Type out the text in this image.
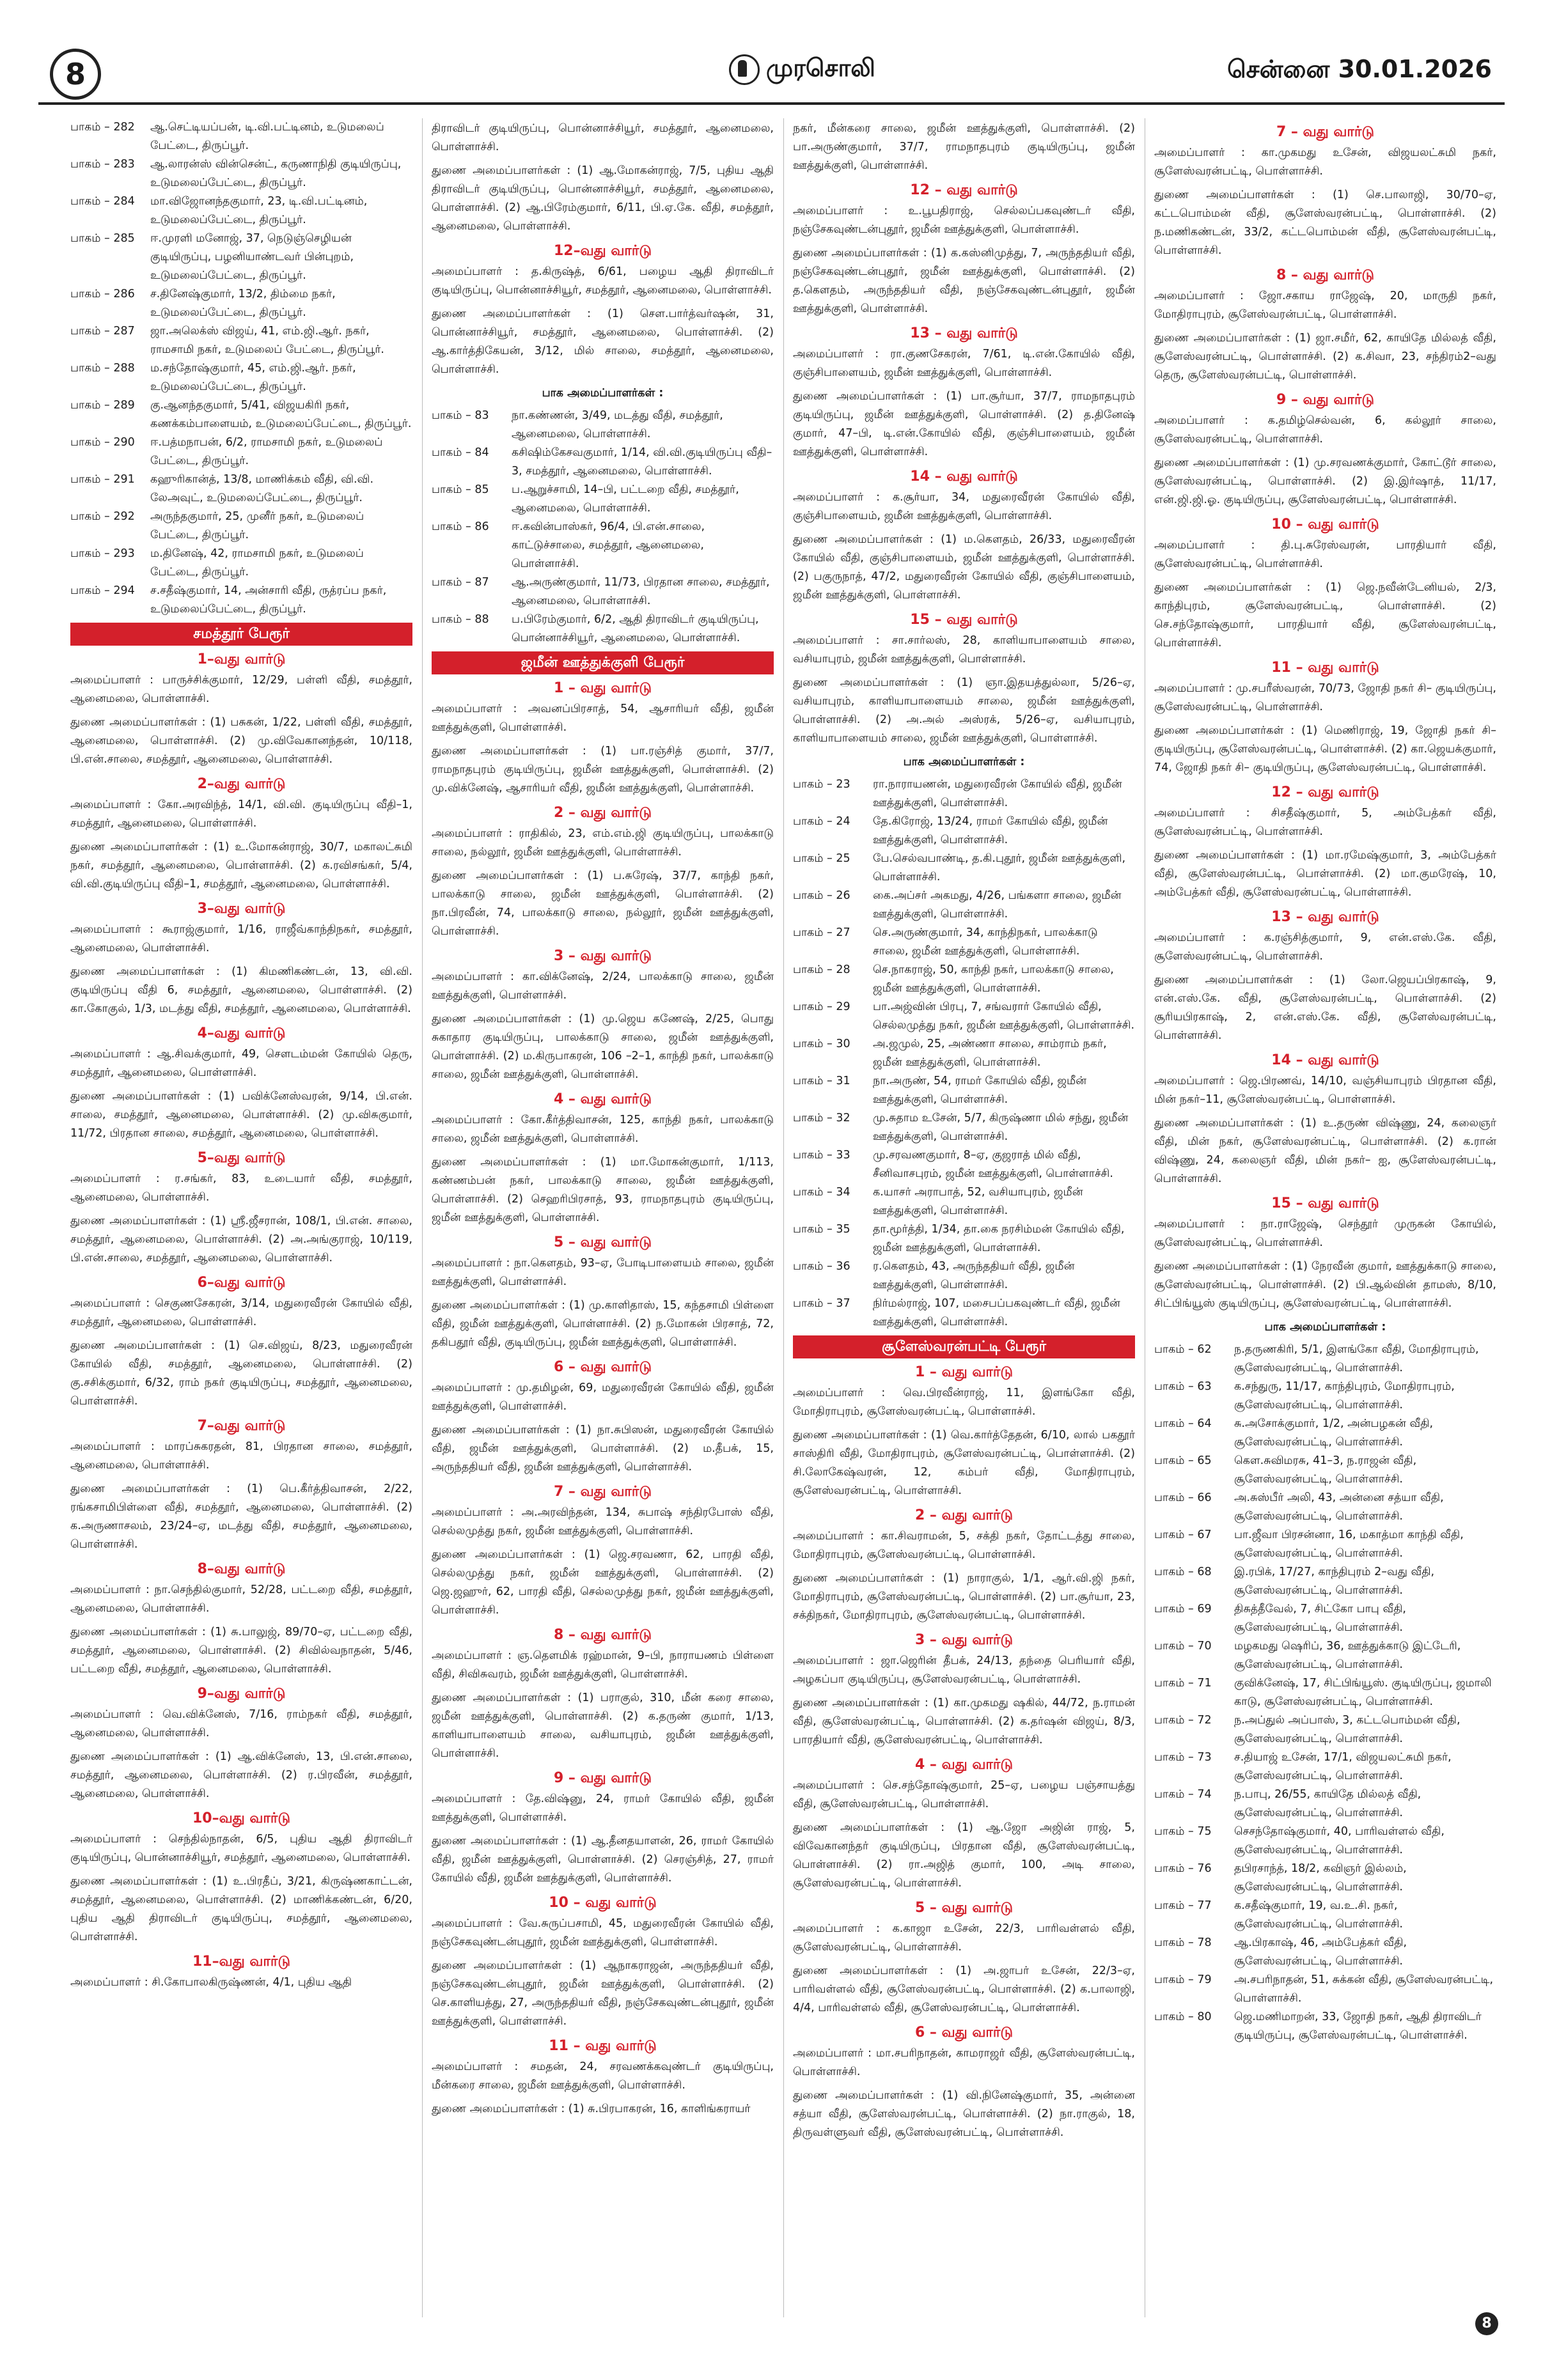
8	முரசொலி	சென்னை 30.01.2026
பாகம் – 282	ஆ.செட்டியப்பன், டி.வி.பட்டினம், உடுமலைப் பேட்டை, திருப்பூர்.
பாகம் – 283	ஆ.லாரன்ஸ் வின்சென்ட், கருணாநிதி குடியிருப்பு, உடுமலைப்பேட்டை, திருப்பூர்.
பாகம் – 284	மா.விஜோனந்தகுமார், 23, டி.வி.பட்டினம், உடுமலைப்பேட்டை, திருப்பூர்.
பாகம் – 285	ஈ.முரளி மனோஜ், 37, நெடுஞ்செழியன் குடியிருப்பு, பழனியாண்டவர் பின்புறம், உடுமலைப்பேட்டை, திருப்பூர்.
பாகம் – 286	ச.தினேஷ்குமார், 13/2, திம்மை நகர், உடுமலைப்பேட்டை, திருப்பூர்.
பாகம் – 287	ஜா.அலெக்ஸ் விஜய், 41, எம்.ஜி.ஆர். நகர், ராமசாமி நகர், உடுமலைப் பேட்டை, திருப்பூர்.
பாகம் – 288	ம.சந்தோஷ்குமார், 45, எம்.ஜி.ஆர். நகர், உடுமலைப்பேட்டை, திருப்பூர்.
பாகம் – 289	கு.ஆனந்தகுமார், 5/41, விஜயகிரி நகர், கணக்கம்பாளையம், உடுமலைப்பேட்டை, திருப்பூர்.
பாகம் – 290	ஈ.பத்மநாபன், 6/2, ராமசாமி நகர், உடுமலைப் பேட்டை, திருப்பூர்.
பாகம் – 291	கஹுரிகான்த், 13/8, மாணிக்கம் வீதி, வி.வி. லேஅவுட், உடுமலைப்பேட்டை, திருப்பூர்.
பாகம் – 292	அருந்தகுமார், 25, முனீர் நகர், உடுமலைப் பேட்டை, திருப்பூர்.
பாகம் – 293	ம.தினேஷ், 42, ராமசாமி நகர், உடுமலைப் பேட்டை, திருப்பூர்.
பாகம் – 294	ச.சதீஷ்குமார், 14, அன்சாரி வீதி, ருத்ரப்ப நகர், உடுமலைப்பேட்டை, திருப்பூர்.
சமத்தூர் பேரூர்
1–வது வார்டு
அமைப்பாளர் : பாருச்சிக்குமார், 12/29, பள்ளி வீதி, சமத்தூர், ஆனைமலை, பொள்ளாச்சி.
துணை அமைப்பாளர்கள் : (1) பசுகன், 1/22, பள்ளி வீதி, சமத்தூர், ஆனைமலை, பொள்ளாச்சி. (2) மு.விவேகானந்தன், 10/118, பி.என்.சாலை, சமத்தூர், ஆனைமலை, பொள்ளாச்சி.
2–வது வார்டு
அமைப்பாளர் : கோ.அரவிந்த், 14/1, வி.வி. குடியிருப்பு வீதி–1, சமத்தூர், ஆனைமலை, பொள்ளாச்சி.
துணை அமைப்பாளர்கள் : (1) உ.மோகன்ராஜ், 30/7, மகாலட்சுமி நகர், சமத்தூர், ஆனைமலை, பொள்ளாச்சி. (2) க.ரவிசங்கர், 5/4, வி.வி.குடியிருப்பு வீதி–1, சமத்தூர், ஆனைமலை, பொள்ளாச்சி.
3–வது வார்டு
அமைப்பாளர் : கூராஜ்குமார், 1/16, ராஜீவ்காந்திநகர், சமத்தூர், ஆனைமலை, பொள்ளாச்சி.
துணை அமைப்பாளர்கள் : (1) கிமணிகண்டன், 13, வி.வி. குடியிருப்பு வீதி 6, சமத்தூர், ஆனைமலை, பொள்ளாச்சி. (2) கா.கோகுல், 1/3, மடத்து வீதி, சமத்தூர், ஆனைமலை, பொள்ளாச்சி.
4–வது வார்டு
அமைப்பாளர் : ஆ.சிவக்குமார், 49, சௌடம்மன் கோயில் தெரு, சமத்தூர், ஆனைமலை, பொள்ளாச்சி.
துணை அமைப்பாளர்கள் : (1) பவிக்னேஸ்வரன், 9/14, பி.என். சாலை, சமத்தூர், ஆனைமலை, பொள்ளாச்சி. (2) மு.விசுகுமார், 11/72, பிரதான சாலை, சமத்தூர், ஆனைமலை, பொள்ளாச்சி.
5–வது வார்டு
அமைப்பாளர் : ர.சங்கர், 83, உடையார் வீதி, சமத்தூர், ஆனைமலை, பொள்ளாச்சி.
துணை அமைப்பாளர்கள் : (1) ஸ்ரீ.ஜீசரான், 108/1, பி.என். சாலை, சமத்தூர், ஆனைமலை, பொள்ளாச்சி. (2) அ.அங்குராஜ், 10/119, பி.என்.சாலை, சமத்தூர், ஆனைமலை, பொள்ளாச்சி.
6–வது வார்டு
அமைப்பாளர் : செகுணசேகரன், 3/14, மதுரைவீரன் கோயில் வீதி, சமத்தூர், ஆனைமலை, பொள்ளாச்சி.
துணை அமைப்பாளர்கள் : (1) செ.விஜய், 8/23, மதுரைவீரன் கோயில் வீதி, சமத்தூர், ஆனைமலை, பொள்ளாச்சி. (2) கு.சசிக்குமார், 6/32, ராம் நகர் குடியிருப்பு, சமத்தூர், ஆனைமலை, பொள்ளாச்சி.
7–வது வார்டு
அமைப்பாளர் : மாரப்சுகரதன், 81, பிரதான சாலை, சமத்தூர், ஆனைமலை, பொள்ளாச்சி.
துணை அமைப்பாளர்கள் : (1) பெ.கீர்த்திவாசன், 2/22, ரங்கசாமிபிள்ளை வீதி, சமத்தூர், ஆனைமலை, பொள்ளாச்சி. (2) க.அருணாசலம், 23/24–ஏ, மடத்து வீதி, சமத்தூர், ஆனைமலை, பொள்ளாச்சி.
8–வது வார்டு
அமைப்பாளர் : நா.செந்தில்குமார், 52/28, பட்டறை வீதி, சமத்தூர், ஆனைமலை, பொள்ளாச்சி.
துணை அமைப்பாளர்கள் : (1) சு.பாலுஜ், 89/70–ஏ, பட்டறை வீதி, சமத்தூர், ஆனைமலை, பொள்ளாச்சி. (2) சிவில்வநாதன், 5/46, பட்டறை வீதி, சமத்தூர், ஆனைமலை, பொள்ளாச்சி.
9–வது வார்டு
அமைப்பாளர் : வெ.விக்னேஸ், 7/16, ராம்நகர் வீதி, சமத்தூர், ஆனைமலை, பொள்ளாச்சி.
துணை அமைப்பாளர்கள் : (1) ஆ.விக்னேஸ், 13, பி.என்.சாலை, சமத்தூர், ஆனைமலை, பொள்ளாச்சி. (2) ர.பிரவீன், சமத்தூர், ஆனைமலை, பொள்ளாச்சி.
10–வது வார்டு
அமைப்பாளர் : செந்தில்நாதன், 6/5, புதிய ஆதி திராவிடர் குடியிருப்பு, பொன்னாச்சியூர், சமத்தூர், ஆனைமலை, பொள்ளாச்சி.
துணை அமைப்பாளர்கள் : (1) உ.பிரதீப், 3/21, கிருஷ்ணகாட்டன், சமத்தூர், ஆனைமலை, பொள்ளாச்சி. (2) மாணிக்கண்டன், 6/20, புதிய ஆதி திராவிடர் குடியிருப்பு, சமத்தூர், ஆனைமலை, பொள்ளாச்சி.
11–வது வார்டு
அமைப்பாளர் : சி.கோபாலகிருஷ்ணன், 4/1, புதிய ஆதி
திராவிடர் குடியிருப்பு, பொன்னாச்சியூர், சமத்தூர், ஆனைமலை, பொள்ளாச்சி.
துணை அமைப்பாளர்கள் : (1) ஆ.மோகன்ராஜ், 7/5, புதிய ஆதி திராவிடர் குடியிருப்பு, பொன்னாச்சியூர், சமத்தூர், ஆனைமலை, பொள்ளாச்சி. (2) ஆ.பிரேம்குமார், 6/11, பி.ஏ.கே. வீதி, சமத்தூர், ஆனைமலை, பொள்ளாச்சி.
12–வது வார்டு
அமைப்பாளர் : த.கிருஷ்த், 6/61, பழைய ஆதி திராவிடர் குடியிருப்பு, பொன்னாச்சியூர், சமத்தூர், ஆனைமலை, பொள்ளாச்சி.
துணை அமைப்பாளர்கள் : (1) செள.பார்த்வர்ஷன், 31, பொன்னாச்சியூர், சமத்தூர், ஆனைமலை, பொள்ளாச்சி. (2) ஆ.கார்த்திகேயன், 3/12, மில் சாலை, சமத்தூர், ஆனைமலை, பொள்ளாச்சி.
பாக அமைப்பாளர்கள் :
பாகம் – 83	நா.கண்ணன், 3/49, மடத்து வீதி, சமத்தூர், ஆனைமலை, பொள்ளாச்சி.
பாகம் – 84	கசிஷிம்கேசவகுமார், 1/14, வி.வி.குடியிருப்பு வீதி–3, சமத்தூர், ஆனைமலை, பொள்ளாச்சி.
பாகம் – 85	ப.ஆறுச்சாமி, 14–பி, பட்டறை வீதி, சமத்தூர், ஆனைமலை, பொள்ளாச்சி.
பாகம் – 86	ஈ.கவின்பாஸ்கர், 96/4, பி.என்.சாலை, காட்டுச்சாலை, சமத்தூர், ஆனைமலை, பொள்ளாச்சி.
பாகம் – 87	ஆ.அருண்குமார், 11/73, பிரதான சாலை, சமத்தூர், ஆனைமலை, பொள்ளாச்சி.
பாகம் – 88	ப.பிரேம்குமார், 6/2, ஆதி திராவிடர் குடியிருப்பு, பொன்னாச்சியூர், ஆனைமலை, பொள்ளாச்சி.
ஜமீன் ஊத்துக்குளி பேரூர்
1 – வது வார்டு
அமைப்பாளர் : அவனப்பிரசாத், 54, ஆசாரியர் வீதி, ஜமீன் ஊத்துக்குளி, பொள்ளாச்சி.
துணை அமைப்பாளர்கள் : (1) பா.ரஞ்சித் குமார், 37/7, ராமநாதபுரம் குடியிருப்பு, ஜமீன் ஊத்துக்குளி, பொள்ளாச்சி. (2) மு.விக்னேஷ், ஆசாரியர் வீதி, ஜமீன் ஊத்துக்குளி, பொள்ளாச்சி.
2 – வது வார்டு
அமைப்பாளர் : ராதிகில், 23, எம்.எம்.ஜி குடியிருப்பு, பாலக்காடு சாலை, நல்லூர், ஜமீன் ஊத்துக்குளி, பொள்ளாச்சி.
துணை அமைப்பாளர்கள் : (1) ப.சுரேஷ், 37/7, காந்தி நகர், பாலக்காடு சாலை, ஜமீன் ஊத்துக்குளி, பொள்ளாச்சி. (2) நா.பிரவீன், 74, பாலக்காடு சாலை, நல்லூர், ஜமீன் ஊத்துக்குளி, பொள்ளாச்சி.
3 – வது வார்டு
அமைப்பாளர் : கா.விக்னேஷ், 2/24, பாலக்காடு சாலை, ஜமீன் ஊத்துக்குளி, பொள்ளாச்சி.
துணை அமைப்பாளர்கள் : (1) மு.ஜெய கணேஷ், 2/25, பொது சுகாதார குடியிருப்பு, பாலக்காடு சாலை, ஜமீன் ஊத்துக்குளி, பொள்ளாச்சி. (2) ம.கிருபாகரன், 106 –2–1, காந்தி நகர், பாலக்காடு சாலை, ஜமீன் ஊத்துக்குளி, பொள்ளாச்சி.
4 – வது வார்டு
அமைப்பாளர் : கோ.கீர்த்திவாசன், 125, காந்தி நகர், பாலக்காடு சாலை, ஜமீன் ஊத்துக்குளி, பொள்ளாச்சி.
துணை அமைப்பாளர்கள் : (1) மா.மோகன்குமார், 1/113, கண்ணம்பன் நகர், பாலக்காடு சாலை, ஜமீன் ஊத்துக்குளி, பொள்ளாச்சி. (2) செஹரிபிரசாத், 93, ராமநாதபுரம் குடியிருப்பு, ஜமீன் ஊத்துக்குளி, பொள்ளாச்சி.
5 – வது வார்டு
அமைப்பாளர் : நா.கௌதம், 93–ஏ, போடிபாளையம் சாலை, ஜமீன் ஊத்துக்குளி, பொள்ளாச்சி.
துணை அமைப்பாளர்கள் : (1) மு.காளிதாஸ், 15, கந்தசாமி பிள்ளை வீதி, ஜமீன் ஊத்துக்குளி, பொள்ளாச்சி. (2) ந.மோகன் பிரசாத், 72, தகிபதூர் வீதி, குடியிருப்பு, ஜமீன் ஊத்துக்குளி, பொள்ளாச்சி.
6 – வது வார்டு
அமைப்பாளர் : மு.தமிழன், 69, மதுரைவீரன் கோயில் வீதி, ஜமீன் ஊத்துக்குளி, பொள்ளாச்சி.
துணை அமைப்பாளர்கள் : (1) நா.சுபிஸன், மதுரைவீரன் கோயில் வீதி, ஜமீன் ஊத்துக்குளி, பொள்ளாச்சி. (2) ம.தீபக், 15, அருந்ததியர் வீதி, ஜமீன் ஊத்துக்குளி, பொள்ளாச்சி.
7 – வது வார்டு
அமைப்பாளர் : அ.அரவிந்தன், 134, சுபாஷ் சந்திரபோஸ் வீதி, செல்லமுத்து நகர், ஜமீன் ஊத்துக்குளி, பொள்ளாச்சி.
துணை அமைப்பாளர்கள் : (1) ஜெ.சரவணா, 62, பாரதி வீதி, செல்லமுத்து நகர், ஜமீன் ஊத்துக்குளி, பொள்ளாச்சி. (2) ஜெ.ஜஹுர், 62, பாரதி வீதி, செல்லமுத்து நகர், ஜமீன் ஊத்துக்குளி, பொள்ளாச்சி.
8 – வது வார்டு
அமைப்பாளர் : ஞ.தெளமிக் ரஹ்மான், 9–பி, நாராயணம் பிள்ளை வீதி, சிவிசுவரம், ஜமீன் ஊத்துக்குளி, பொள்ளாச்சி.
துணை அமைப்பாளர்கள் : (1) பராகுல், 310, மீன் கரை சாலை, ஜமீன் ஊத்துக்குளி, பொள்ளாச்சி. (2) க.தருண் குமார், 1/13, காளியாபாளையம் சாலை, வசியாபுரம், ஜமீன் ஊத்துக்குளி, பொள்ளாச்சி.
9 – வது வார்டு
அமைப்பாளர் : தே.விஷ்னு, 24, ராமர் கோயில் வீதி, ஜமீன் ஊத்துக்குளி, பொள்ளாச்சி.
துணை அமைப்பாளர்கள் : (1) ஆ.தீனதயாளன், 26, ராமர் கோயில் வீதி, ஜமீன் ஊத்துக்குளி, பொள்ளாச்சி. (2) செரஞ்சித், 27, ராமர் கோயில் வீதி, ஜமீன் ஊத்துக்குளி, பொள்ளாச்சி.
10 – வது வார்டு
அமைப்பாளர் : வே.சுருப்பசாமி, 45, மதுரைவீரன் கோயில் வீதி, நஞ்சேகவுண்டன்புதூர், ஜமீன் ஊத்துக்குளி, பொள்ளாச்சி.
துணை அமைப்பாளர்கள் : (1) ஆநாகராஜன், அருந்ததியர் வீதி, நஞ்சேகவுண்டன்புதூர், ஜமீன் ஊத்துக்குளி, பொள்ளாச்சி. (2) செ.காளியத்து, 27, அருந்ததியர் வீதி, நஞ்சேகவுண்டன்புதூர், ஜமீன் ஊத்துக்குளி, பொள்ளாச்சி.
11 – வது வார்டு
அமைப்பாளர் : சமதன், 24, சரவணக்கவுண்டர் குடியிருப்பு, மீன்கரை சாலை, ஜமீன் ஊத்துக்குளி, பொள்ளாச்சி.
துணை அமைப்பாளர்கள் : (1) சு.பிரபாகரன், 16, காளிங்கராயர்
நகர், மீன்கரை சாலை, ஜமீன் ஊத்துக்குளி, பொள்ளாச்சி. (2) பா.அருண்குமார், 37/7, ராமநாதபுரம் குடியிருப்பு, ஜமீன் ஊத்துக்குளி, பொள்ளாச்சி.
12 – வது வார்டு
அமைப்பாளர் : உ.பூபதிராஜ், செல்லப்பகவுண்டர் வீதி, நஞ்சேகவுண்டன்புதூர், ஜமீன் ஊத்துக்குளி, பொள்ளாச்சி.
துணை அமைப்பாளர்கள் : (1) க.கஸ்னிமுத்து, 7, அருந்ததியர் வீதி, நஞ்சேகவுண்டன்புதூர், ஜமீன் ஊத்துக்குளி, பொள்ளாச்சி. (2) த.கௌதம், அருந்ததியர் வீதி, நஞ்சேகவுண்டன்புதூர், ஜமீன் ஊத்துக்குளி, பொள்ளாச்சி.
13 – வது வார்டு
அமைப்பாளர் : ரா.குணசேகரன், 7/61, டி.என்.கோயில் வீதி, குஞ்சிபாளையம், ஜமீன் ஊத்துக்குளி, பொள்ளாச்சி.
துணை அமைப்பாளர்கள் : (1) பா.சூர்யா, 37/7, ராமநாதபுரம் குடியிருப்பு, ஜமீன் ஊத்துக்குளி, பொள்ளாச்சி. (2) த.தினேஷ் குமார், 47–பி, டி.என்.கோயில் வீதி, குஞ்சிபாளையம், ஜமீன் ஊத்துக்குளி, பொள்ளாச்சி.
14 – வது வார்டு
அமைப்பாளர் : க.சூர்யா, 34, மதுரைவீரன் கோயில் வீதி, குஞ்சிபாளையம், ஜமீன் ஊத்துக்குளி, பொள்ளாச்சி.
துணை அமைப்பாளர்கள் : (1) ம.கௌதம், 26/33, மதுரைவீரன் கோயில் வீதி, குஞ்சிபாளையம், ஜமீன் ஊத்துக்குளி, பொள்ளாச்சி. (2) பகுருநாத், 47/2, மதுரைவீரன் கோயில் வீதி, குஞ்சிபாளையம், ஜமீன் ஊத்துக்குளி, பொள்ளாச்சி.
15 – வது வார்டு
அமைப்பாளர் : சா.சார்லஸ், 28, காளியாபாளையம் சாலை, வசியாபுரம், ஜமீன் ஊத்துக்குளி, பொள்ளாச்சி.
துணை அமைப்பாளர்கள் : (1) ஞா.இதயத்துல்லா, 5/26–ஏ, வசியாபுரம், காளியாபாளையம் சாலை, ஜமீன் ஊத்துக்குளி, பொள்ளாச்சி. (2) அ.அல் அஸ்ரக், 5/26–ஏ, வசியாபுரம், காளியாபாளையம் சாலை, ஜமீன் ஊத்துக்குளி, பொள்ளாச்சி.
பாக அமைப்பாளர்கள் :
பாகம் – 23	ரா.நாராயணன், மதுரைவீரன் கோயில் வீதி, ஜமீன் ஊத்துக்குளி, பொள்ளாச்சி.
பாகம் – 24	தே.கிரோஜ், 13/24, ராமர் கோயில் வீதி, ஜமீன் ஊத்துக்குளி, பொள்ளாச்சி.
பாகம் – 25	பே.செல்வபாண்டி, த.கி.புதூர், ஜமீன் ஊத்துக்குளி, பொள்ளாச்சி.
பாகம் – 26	கை.அப்சர் அகமது, 4/26, பங்களா சாலை, ஜமீன் ஊத்துக்குளி, பொள்ளாச்சி.
பாகம் – 27	செ.அருண்குமார், 34, காந்திநகர், பாலக்காடு சாலை, ஜமீன் ஊத்துக்குளி, பொள்ளாச்சி.
பாகம் – 28	செ.நாகராஜ், 50, காந்தி நகர், பாலக்காடு சாலை, ஜமீன் ஊத்துக்குளி, பொள்ளாச்சி.
பாகம் – 29	பா.அஜ்வின் பிரபு, 7, சங்வரார் கோயில் வீதி, செல்லமுத்து நகர், ஜமீன் ஊத்துக்குளி, பொள்ளாச்சி.
பாகம் – 30	அ.ஜமுல், 25, அண்ணா சாலை, சாம்ராம் நகர், ஜமீன் ஊத்துக்குளி, பொள்ளாச்சி.
பாகம் – 31	நா.அருண், 54, ராமர் கோயில் வீதி, ஜமீன் ஊத்துக்குளி, பொள்ளாச்சி.
பாகம் – 32	மு.சுதாம உசேன், 5/7, கிருஷ்ணா மில் சந்து, ஜமீன் ஊத்துக்குளி, பொள்ளாச்சி.
பாகம் – 33	மு.சரவணகுமார், 8–ஏ, குஜராத் மில் வீதி, சீனிவாசபுரம், ஜமீன் ஊத்துக்குளி, பொள்ளாச்சி.
பாகம் – 34	க.யாசர் அராபாத், 52, வசியாபுரம், ஜமீன் ஊத்துக்குளி, பொள்ளாச்சி.
பாகம் – 35	தா.மூர்த்தி, 1/34, தா.கை நரசிம்மன் கோயில் வீதி, ஜமீன் ஊத்துக்குளி, பொள்ளாச்சி.
பாகம் – 36	ர.கெளதம், 43, அருந்ததியர் வீதி, ஜமீன் ஊத்துக்குளி, பொள்ளாச்சி.
பாகம் – 37	நிர்மல்ராஜ், 107, மசைபப்பகவுண்டர் வீதி, ஜமீன் ஊத்துக்குளி, பொள்ளாச்சி.
சூளேஸ்வரன்பட்டி பேரூர்
1 – வது வார்டு
அமைப்பாளர் : வெ.பிரவீன்ராஜ், 11, இளங்கோ வீதி, மோதிராபுரம், சூளேஸ்வரன்பட்டி, பொள்ளாச்சி.
துணை அமைப்பாளர்கள் : (1) வெ.கார்த்தேதன், 6/10, லால் பகதூர் சாஸ்திரி வீதி, மோதிராபுரம், சூளேஸ்வரன்பட்டி, பொள்ளாச்சி. (2) சி.லோகேஷ்வரன், 12, கம்பர் வீதி, மோதிராபுரம், சூளேஸ்வரன்பட்டி, பொள்ளாச்சி.
2 – வது வார்டு
அமைப்பாளர் : கா.சிவராமன், 5, சக்தி நகர், தோட்டத்து சாலை, மோதிராபுரம், சூளேஸ்வரன்பட்டி, பொள்ளாச்சி.
துணை அமைப்பாளர்கள் : (1) நாராகுல், 1/1, ஆர்.வி.ஜி நகர், மோதிராபுரம், சூளேஸ்வரன்பட்டி, பொள்ளாச்சி. (2) பா.சூர்யா, 23, சக்திநகர், மோதிராபுரம், சூளேஸ்வரன்பட்டி, பொள்ளாச்சி.
3 – வது வார்டு
அமைப்பாளர் : ஜா.ஜெரின் தீபக், 24/13, தந்தை பெரியார் வீதி, அழகப்பா குடியிருப்பு, சூளேஸ்வரன்பட்டி, பொள்ளாச்சி.
துணை அமைப்பாளர்கள் : (1) கா.முகமது ஷகில், 44/72, ந.ராமன் வீதி, சூளேஸ்வரன்பட்டி, பொள்ளாச்சி. (2) க.தர்ஷன் விஜய், 8/3, பாரதியார் வீதி, சூளேஸ்வரன்பட்டி, பொள்ளாச்சி.
4 – வது வார்டு
அமைப்பாளர் : செ.சந்தோஷ்குமார், 25–ஏ, பழைய பஞ்சாயத்து வீதி, சூளேஸ்வரன்பட்டி, பொள்ளாச்சி.
துணை அமைப்பாளர்கள் : (1) ஆ.ஜோ அஜின் ராஜ், 5, விவேகானந்தர் குடியிருப்பு, பிரதான வீதி, சூளேஸ்வரன்பட்டி, பொள்ளாச்சி. (2) ரா.அஜித் குமார், 100, அடி சாலை, சூளேஸ்வரன்பட்டி, பொள்ளாச்சி.
5 – வது வார்டு
அமைப்பாளர் : க.காஜா உசேன், 22/3, பாரிவள்ளல் வீதி, சூளேஸ்வரன்பட்டி, பொள்ளாச்சி.
துணை அமைப்பாளர்கள் : (1) அ.ஜாபர் உசேன், 22/3–ஏ, பாரிவள்ளல் வீதி, சூளேஸ்வரன்பட்டி, பொள்ளாச்சி. (2) க.பாலாஜி, 4/4, பாரிவள்ளல் வீதி, சூளேஸ்வரன்பட்டி, பொள்ளாச்சி.
6 – வது வார்டு
அமைப்பாளர் : மா.சபரிநாதன், காமராஜர் வீதி, சூளேஸ்வரன்பட்டி, பொள்ளாச்சி.
துணை அமைப்பாளர்கள் : (1) வி.நினேஷ்குமார், 35, அன்னை சத்யா வீதி, சூளேஸ்வரன்பட்டி, பொள்ளாச்சி. (2) நா.ராகுல், 18, திருவள்ளுவர் வீதி, சூளேஸ்வரன்பட்டி, பொள்ளாச்சி.
7 – வது வார்டு
அமைப்பாளர் : கா.முகமது உசேன், விஜயலட்சுமி நகர், சூளேஸ்வரன்பட்டி, பொள்ளாச்சி.
துணை அமைப்பாளர்கள் : (1) செ.பாலாஜி, 30/70–ஏ, கட்டபொம்மன் வீதி, சூளேஸ்வரன்பட்டி, பொள்ளாச்சி. (2) ந.மணிகண்டன், 33/2, கட்டபொம்மன் வீதி, சூளேஸ்வரன்பட்டி, பொள்ளாச்சி.
8 – வது வார்டு
அமைப்பாளர் : ஜோ.சகாய ராஜேஷ், 20, மாருதி நகர், மோதிராபுரம், சூளேஸ்வரன்பட்டி, பொள்ளாச்சி.
துணை அமைப்பாளர்கள் : (1) ஜா.சமீர், 62, காயிதே மில்லத் வீதி, சூளேஸ்வரன்பட்டி, பொள்ளாச்சி. (2) க.சிவா, 23, சந்திரம்2–வது தெரு, சூளேஸ்வரன்பட்டி, பொள்ளாச்சி.
9 – வது வார்டு
அமைப்பாளர் : க.தமிழ்செல்வன், 6, கல்லூர் சாலை, சூளேஸ்வரன்பட்டி, பொள்ளாச்சி.
துணை அமைப்பாளர்கள் : (1) மு.சரவணக்குமார், கோட்டூர் சாலை, சூளேஸ்வரன்பட்டி, பொள்ளாச்சி. (2) இ.இர்ஷாத், 11/17, என்.ஜி.ஜி.ஓ. குடியிருப்பு, சூளேஸ்வரன்பட்டி, பொள்ளாச்சி.
10 – வது வார்டு
அமைப்பாளர் : தி.பு.சுரேஸ்வரன், பாரதியார் வீதி, சூளேஸ்வரன்பட்டி, பொள்ளாச்சி.
துணை அமைப்பாளர்கள் : (1) ஜெ.நவீன்டேனியல், 2/3, காந்திபுரம், சூளேஸ்வரன்பட்டி, பொள்ளாச்சி. (2) செ.சந்தோஷ்குமார், பாரதியார் வீதி, சூளேஸ்வரன்பட்டி, பொள்ளாச்சி.
11 – வது வார்டு
அமைப்பாளர் : மு.சபரீஸ்வரன், 70/73, ஜோதி நகர் சி– குடியிருப்பு, சூளேஸ்வரன்பட்டி, பொள்ளாச்சி.
துணை அமைப்பாளர்கள் : (1) மெணிராஜ், 19, ஜோதி நகர் சி–குடியிருப்பு, சூளேஸ்வரன்பட்டி, பொள்ளாச்சி. (2) கா.ஜெயக்குமார், 74, ஜோதி நகர் சி– குடியிருப்பு, சூளேஸ்வரன்பட்டி, பொள்ளாச்சி.
12 – வது வார்டு
அமைப்பாளர் : சிசதீஷ்குமார், 5, அம்பேத்கர் வீதி, சூளேஸ்வரன்பட்டி, பொள்ளாச்சி.
துணை அமைப்பாளர்கள் : (1) மா.ரமேஷ்குமார், 3, அம்பேத்கர் வீதி, சூளேஸ்வரன்பட்டி, பொள்ளாச்சி. (2) மா.குமரேஷ், 10, அம்பேத்கர் வீதி, சூளேஸ்வரன்பட்டி, பொள்ளாச்சி.
13 – வது வார்டு
அமைப்பாளர் : க.ரஞ்சித்குமார், 9, என்.எஸ்.கே. வீதி, சூளேஸ்வரன்பட்டி, பொள்ளாச்சி.
துணை அமைப்பாளர்கள் : (1) லோ.ஜெயப்பிரகாஷ், 9, என்.எஸ்.கே. வீதி, சூளேஸ்வரன்பட்டி, பொள்ளாச்சி. (2) சூரியபிரகாஷ், 2, என்.எஸ்.கே. வீதி, சூளேஸ்வரன்பட்டி, பொள்ளாச்சி.
14 – வது வார்டு
அமைப்பாளர் : ஜெ.பிரணவ், 14/10, வஞ்சியாபுரம் பிரதான வீதி, மின் நகர்–11, சூளேஸ்வரன்பட்டி, பொள்ளாச்சி.
துணை அமைப்பாளர்கள் : (1) உ.தருண் விஷ்ணு, 24, கலைஞர் வீதி, மின் நகர், சூளேஸ்வரன்பட்டி, பொள்ளாச்சி. (2) க.ரான் விஷ்ணு, 24, கலைஞர் வீதி, மின் நகர்– ஐ, சூளேஸ்வரன்பட்டி, பொள்ளாச்சி.
15 – வது வார்டு
அமைப்பாளர் : நா.ராஜேஷ், செந்தூர் முருகன் கோயில், சூளேஸ்வரன்பட்டி, பொள்ளாச்சி.
துணை அமைப்பாளர்கள் : (1) நேரவீன் குமார், ஊத்துக்காடு சாலை, சூளேஸ்வரன்பட்டி, பொள்ளாச்சி. (2) பி.ஆல்வின் தாமஸ், 8/10, சிட்பிங்யூஸ் குடியிருப்பு, சூளேஸ்வரன்பட்டி, பொள்ளாச்சி.
பாக அமைப்பாளர்கள் :
பாகம் – 62	ந.தருணகிரி, 5/1, இளங்கோ வீதி, மோதிராபுரம், சூளேஸ்வரன்பட்டி, பொள்ளாச்சி.
பாகம் – 63	க.சந்துரு, 11/17, காந்திபுரம், மோதிராபுரம், சூளேஸ்வரன்பட்டி, பொள்ளாச்சி.
பாகம் – 64	சு.அசோக்குமார், 1/2, அன்பழகன் வீதி, சூளேஸ்வரன்பட்டி, பொள்ளாச்சி.
பாகம் – 65	கௌ.சுவிமரசு, 41–3, ந.ராஜன் வீதி, சூளேஸ்வரன்பட்டி, பொள்ளாச்சி.
பாகம் – 66	அ.சுஸ்பீர் அலி, 43, அன்னை சத்யா வீதி, சூளேஸ்வரன்பட்டி, பொள்ளாச்சி.
பாகம் – 67	பா.ஜீவா பிரசன்னா, 16, மகாத்மா காந்தி வீதி, சூளேஸ்வரன்பட்டி, பொள்ளாச்சி.
பாகம் – 68	இ.ரபிக், 17/27, காந்திபுரம் 2–வது வீதி, சூளேஸ்வரன்பட்டி, பொள்ளாச்சி.
பாகம் – 69	திசுத்தீவேல், 7, சிட்கோ பாபு வீதி, சூளேஸ்வரன்பட்டி, பொள்ளாச்சி.
பாகம் – 70	மழகமது ஷெரிப், 36, ஊத்துக்காடு இட்டேரி, சூளேஸ்வரன்பட்டி, பொள்ளாச்சி.
பாகம் – 71	குவிக்னேஷ், 17, சிட்பிங்யூஸ். குடியிருப்பு, ஜமாலி காடு, சூளேஸ்வரன்பட்டி, பொள்ளாச்சி.
பாகம் – 72	ந.அப்துல் அப்பாஸ், 3, கட்டபொம்மன் வீதி, சூளேஸ்வரன்பட்டி, பொள்ளாச்சி.
பாகம் – 73	ச.தியாஜ் உசேன், 17/1, விஜயலட்சுமி நகர், சூளேஸ்வரன்பட்டி, பொள்ளாச்சி.
பாகம் – 74	ந.பாபு, 26/55, காயிதே மில்லத் வீதி, சூளேஸ்வரன்பட்டி, பொள்ளாச்சி.
பாகம் – 75	செசந்தோஷ்குமார், 40, பாரிவள்ளல் வீதி, சூளேஸ்வரன்பட்டி, பொள்ளாச்சி.
பாகம் – 76	தபிரசாந்த், 18/2, கவிஞர் இல்லம், சூளேஸ்வரன்பட்டி, பொள்ளாச்சி.
பாகம் – 77	க.சதீஷ்குமார், 19, வ.உ.சி. நகர், சூளேஸ்வரன்பட்டி, பொள்ளாச்சி.
பாகம் – 78	ஆ.பிரகாஷ், 46, அம்பேத்கர் வீதி, சூளேஸ்வரன்பட்டி, பொள்ளாச்சி.
பாகம் – 79	அ.சபரிநாதன், 51, சுக்கன் வீதி, சூளேஸ்வரன்பட்டி, பொள்ளாச்சி.
பாகம் – 80	ஜெ.மணிமாறன், 33, ஜோதி நகர், ஆதி திராவிடர் குடியிருப்பு, சூளேஸ்வரன்பட்டி, பொள்ளாச்சி.
8
